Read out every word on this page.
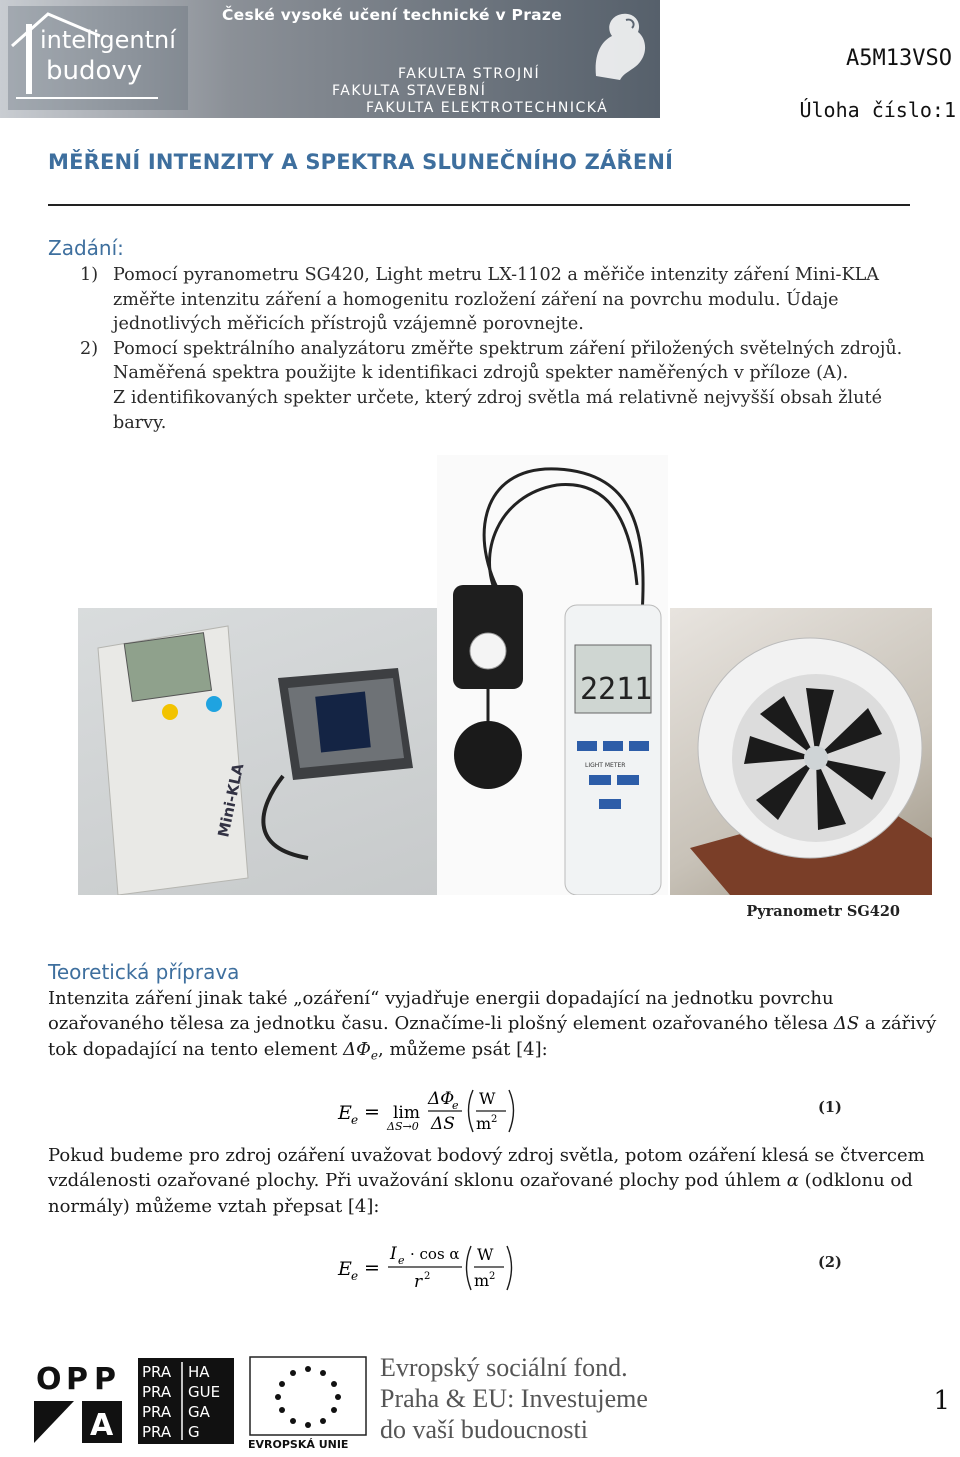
inteligentní
budovy
České vysoké učení technické v Praze
FAKULTA STROJNÍ
FAKULTA STAVEBNÍ
FAKULTA ELEKTROTECHNICKÁ
A5M13VSO
Úloha číslo:1
MĚŘENÍ INTENZITY A SPEKTRA SLUNEČNÍHO ZÁŘENÍ
Zadání:
1) Pomocí pyranometru SG420, Light metru LX-1102 a měřiče intenzity záření Mini-KLA
změřte intenzitu záření a homogenitu rozložení záření na povrchu modulu. Údaje
jednotlivých měřicích přístrojů vzájemně porovnejte.
2) Pomocí spektrálního analyzátoru změřte spektrum záření přiložených světelných zdrojů.
Naměřená spektra použijte k identifikaci zdrojů spekter naměřených v příloze (A).
Z identifikovaných spekter určete, který zdroj světla má relativně nejvyšší obsah žluté
barvy.
Mini-KLA
2211
LIGHT METER
Pyranometr SG420
Teoretická příprava
Intenzita záření jinak také „ozáření“ vyjadřuje energii dopadající na jednotku povrchu
ozařovaného tělesa za jednotku času. Označíme-li plošný element ozařovaného tělesa ΔS a zářivý
tok dopadající na tento element $\Delta\Phi_e$, můžeme psát [4]:
E e = lim
ΔS→0
ΔΦ
e
ΔS
W
m 2
(1)
Pokud budeme pro zdroj ozáření uvažovat bodový zdroj světla, potom ozáření klesá se čtvercem
vzdálenosti ozařované plochy. Při uvažování sklonu ozařované plochy pod úhlem α (odklonu od
normály) můžeme vztah přepsat [4]:
E e =
I e · cos α
r 2
W
m 2
(2)
O P P
A
PRA HA
PRA GUE
PRA GA
PRA G
EVROPSKÁ UNIE
Evropský sociální fond.
Praha & EU: Investujeme
do vaší budoucnosti
1
